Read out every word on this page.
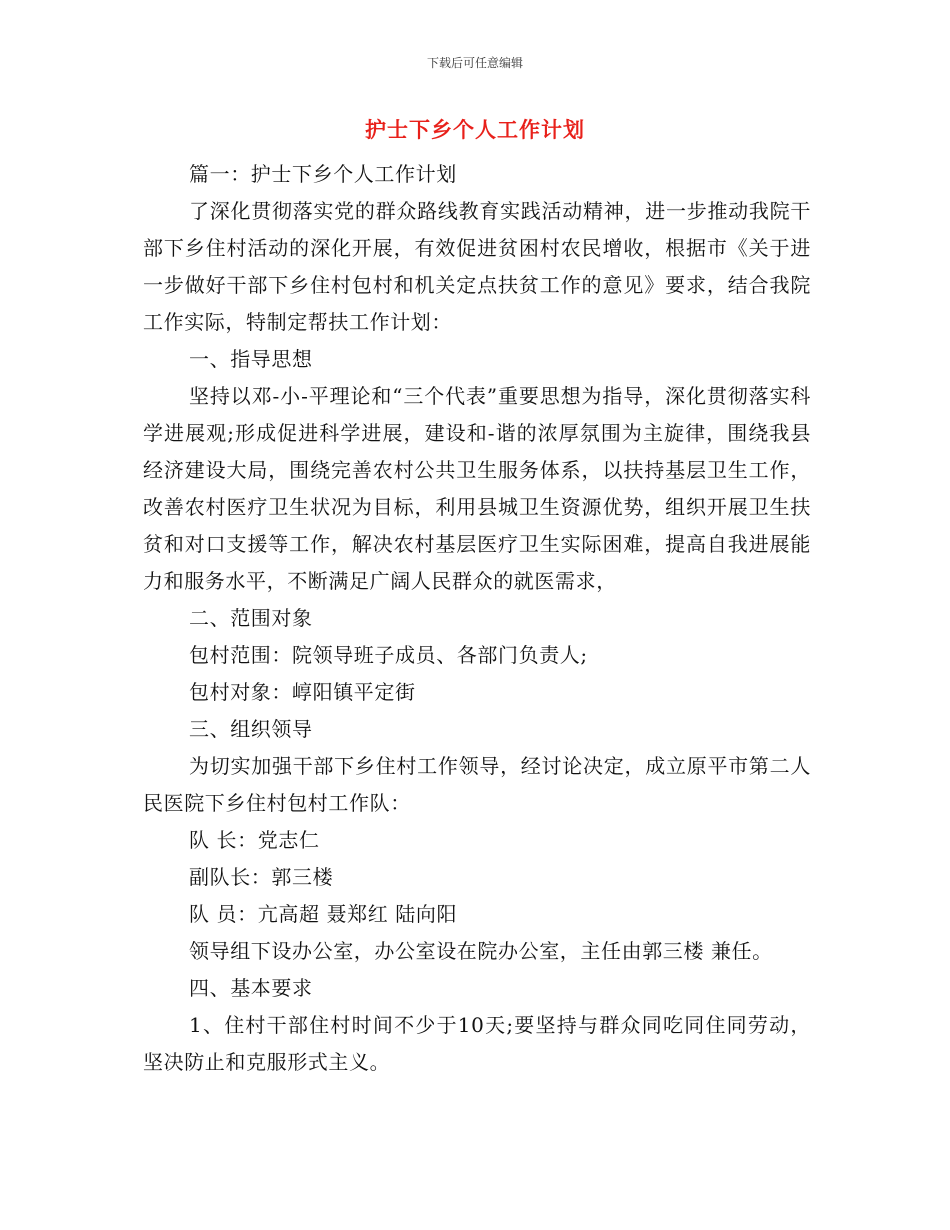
下载后可任意编辑
护士下乡个人工作计划

篇一：护士下乡个人工作计划

了深化贯彻落实党的群众路线教育实践活动精神，进一步推动我院干部下乡住村活动的深化开展，有效促进贫困村农民增收，根据市《关于进一步做好干部下乡住村包村和机关定点扶贫工作的意见》要求，结合我院工作实际，特制定帮扶工作计划：

一、指导思想

坚持以邓-小-平理论和“三个代表”重要思想为指导，深化贯彻落实科学进展观;形成促进科学进展，建设和-谐的浓厚氛围为主旋律，围绕我县经济建设大局，围绕完善农村公共卫生服务体系，以扶持基层卫生工作，改善农村医疗卫生状况为目标，利用县城卫生资源优势，组织开展卫生扶贫和对口支援等工作，解决农村基层医疗卫生实际困难，提高自我进展能力和服务水平，不断满足广阔人民群众的就医需求，

二、范围对象

包村范围：院领导班子成员、各部门负责人;

包村对象：崞阳镇平定街

三、组织领导

为切实加强干部下乡住村工作领导，经讨论决定，成立原平市第二人民医院下乡住村包村工作队：

队 长：党志仁

副队长：郭三楼

队 员：亢高超 聂郑红 陆向阳

领导组下设办公室，办公室设在院办公室，主任由郭三楼 兼任。

四、基本要求

1、住村干部住村时间不少于10天;要坚持与群众同吃同住同劳动，坚决防止和克服形式主义。
